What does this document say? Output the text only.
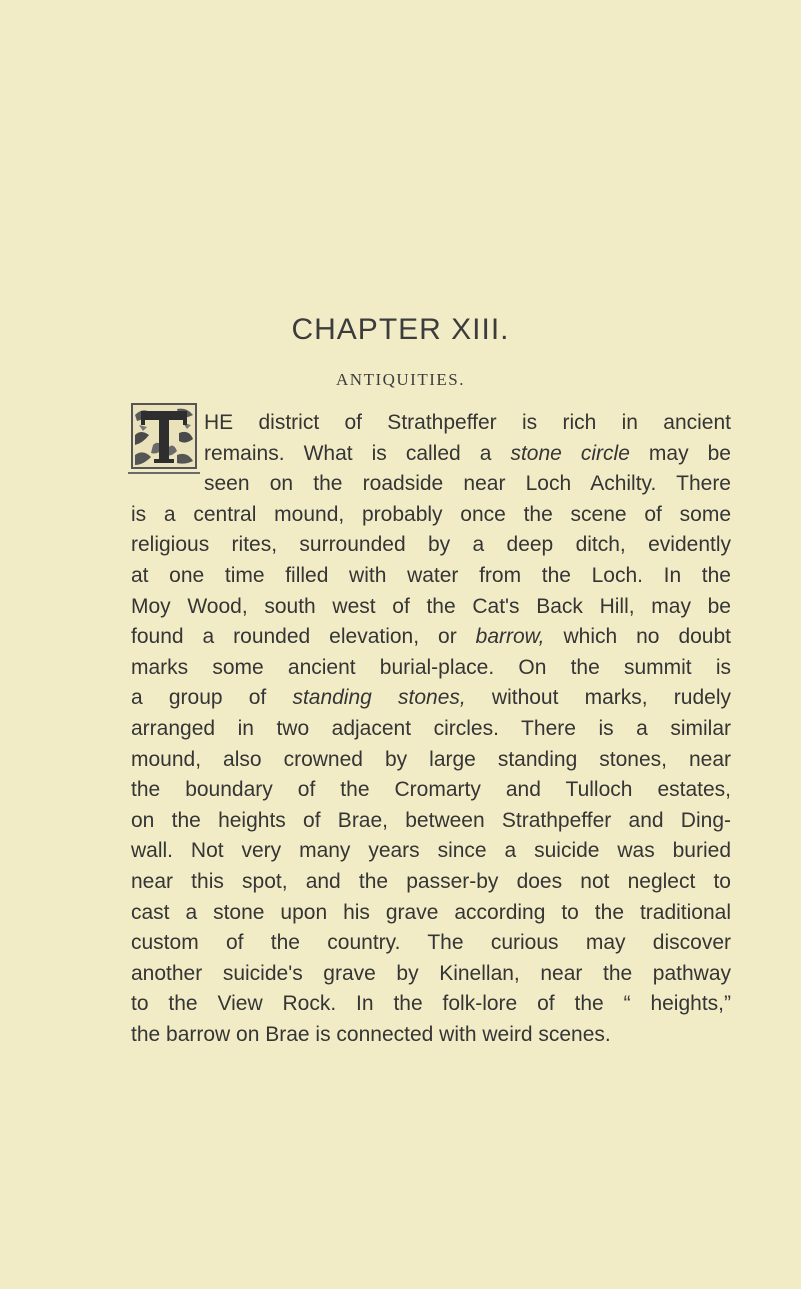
CHAPTER XIII.
ANTIQUITIES.
HE district of Strathpeffer is rich in ancient
remains. What is called a stone circle may be
seen on the roadside near Loch Achilty. There
is a central mound, probably once the scene of some
religious rites, surrounded by a deep ditch, evidently
at one time filled with water from the Loch. In the
Moy Wood, south west of the Cat's Back Hill, may be
found a rounded elevation, or barrow, which no doubt
marks some ancient burial-place. On the summit is
a group of standing stones, without marks, rudely
arranged in two adjacent circles. There is a similar
mound, also crowned by large standing stones, near
the boundary of the Cromarty and Tulloch estates,
on the heights of Brae, between Strathpeffer and Ding-
wall. Not very many years since a suicide was buried
near this spot, and the passer-by does not neglect to
cast a stone upon his grave according to the traditional
custom of the country. The curious may discover
another suicide's grave by Kinellan, near the pathway
to the View Rock. In the folk-lore of the “ heights,”
the barrow on Brae is connected with weird scenes.
